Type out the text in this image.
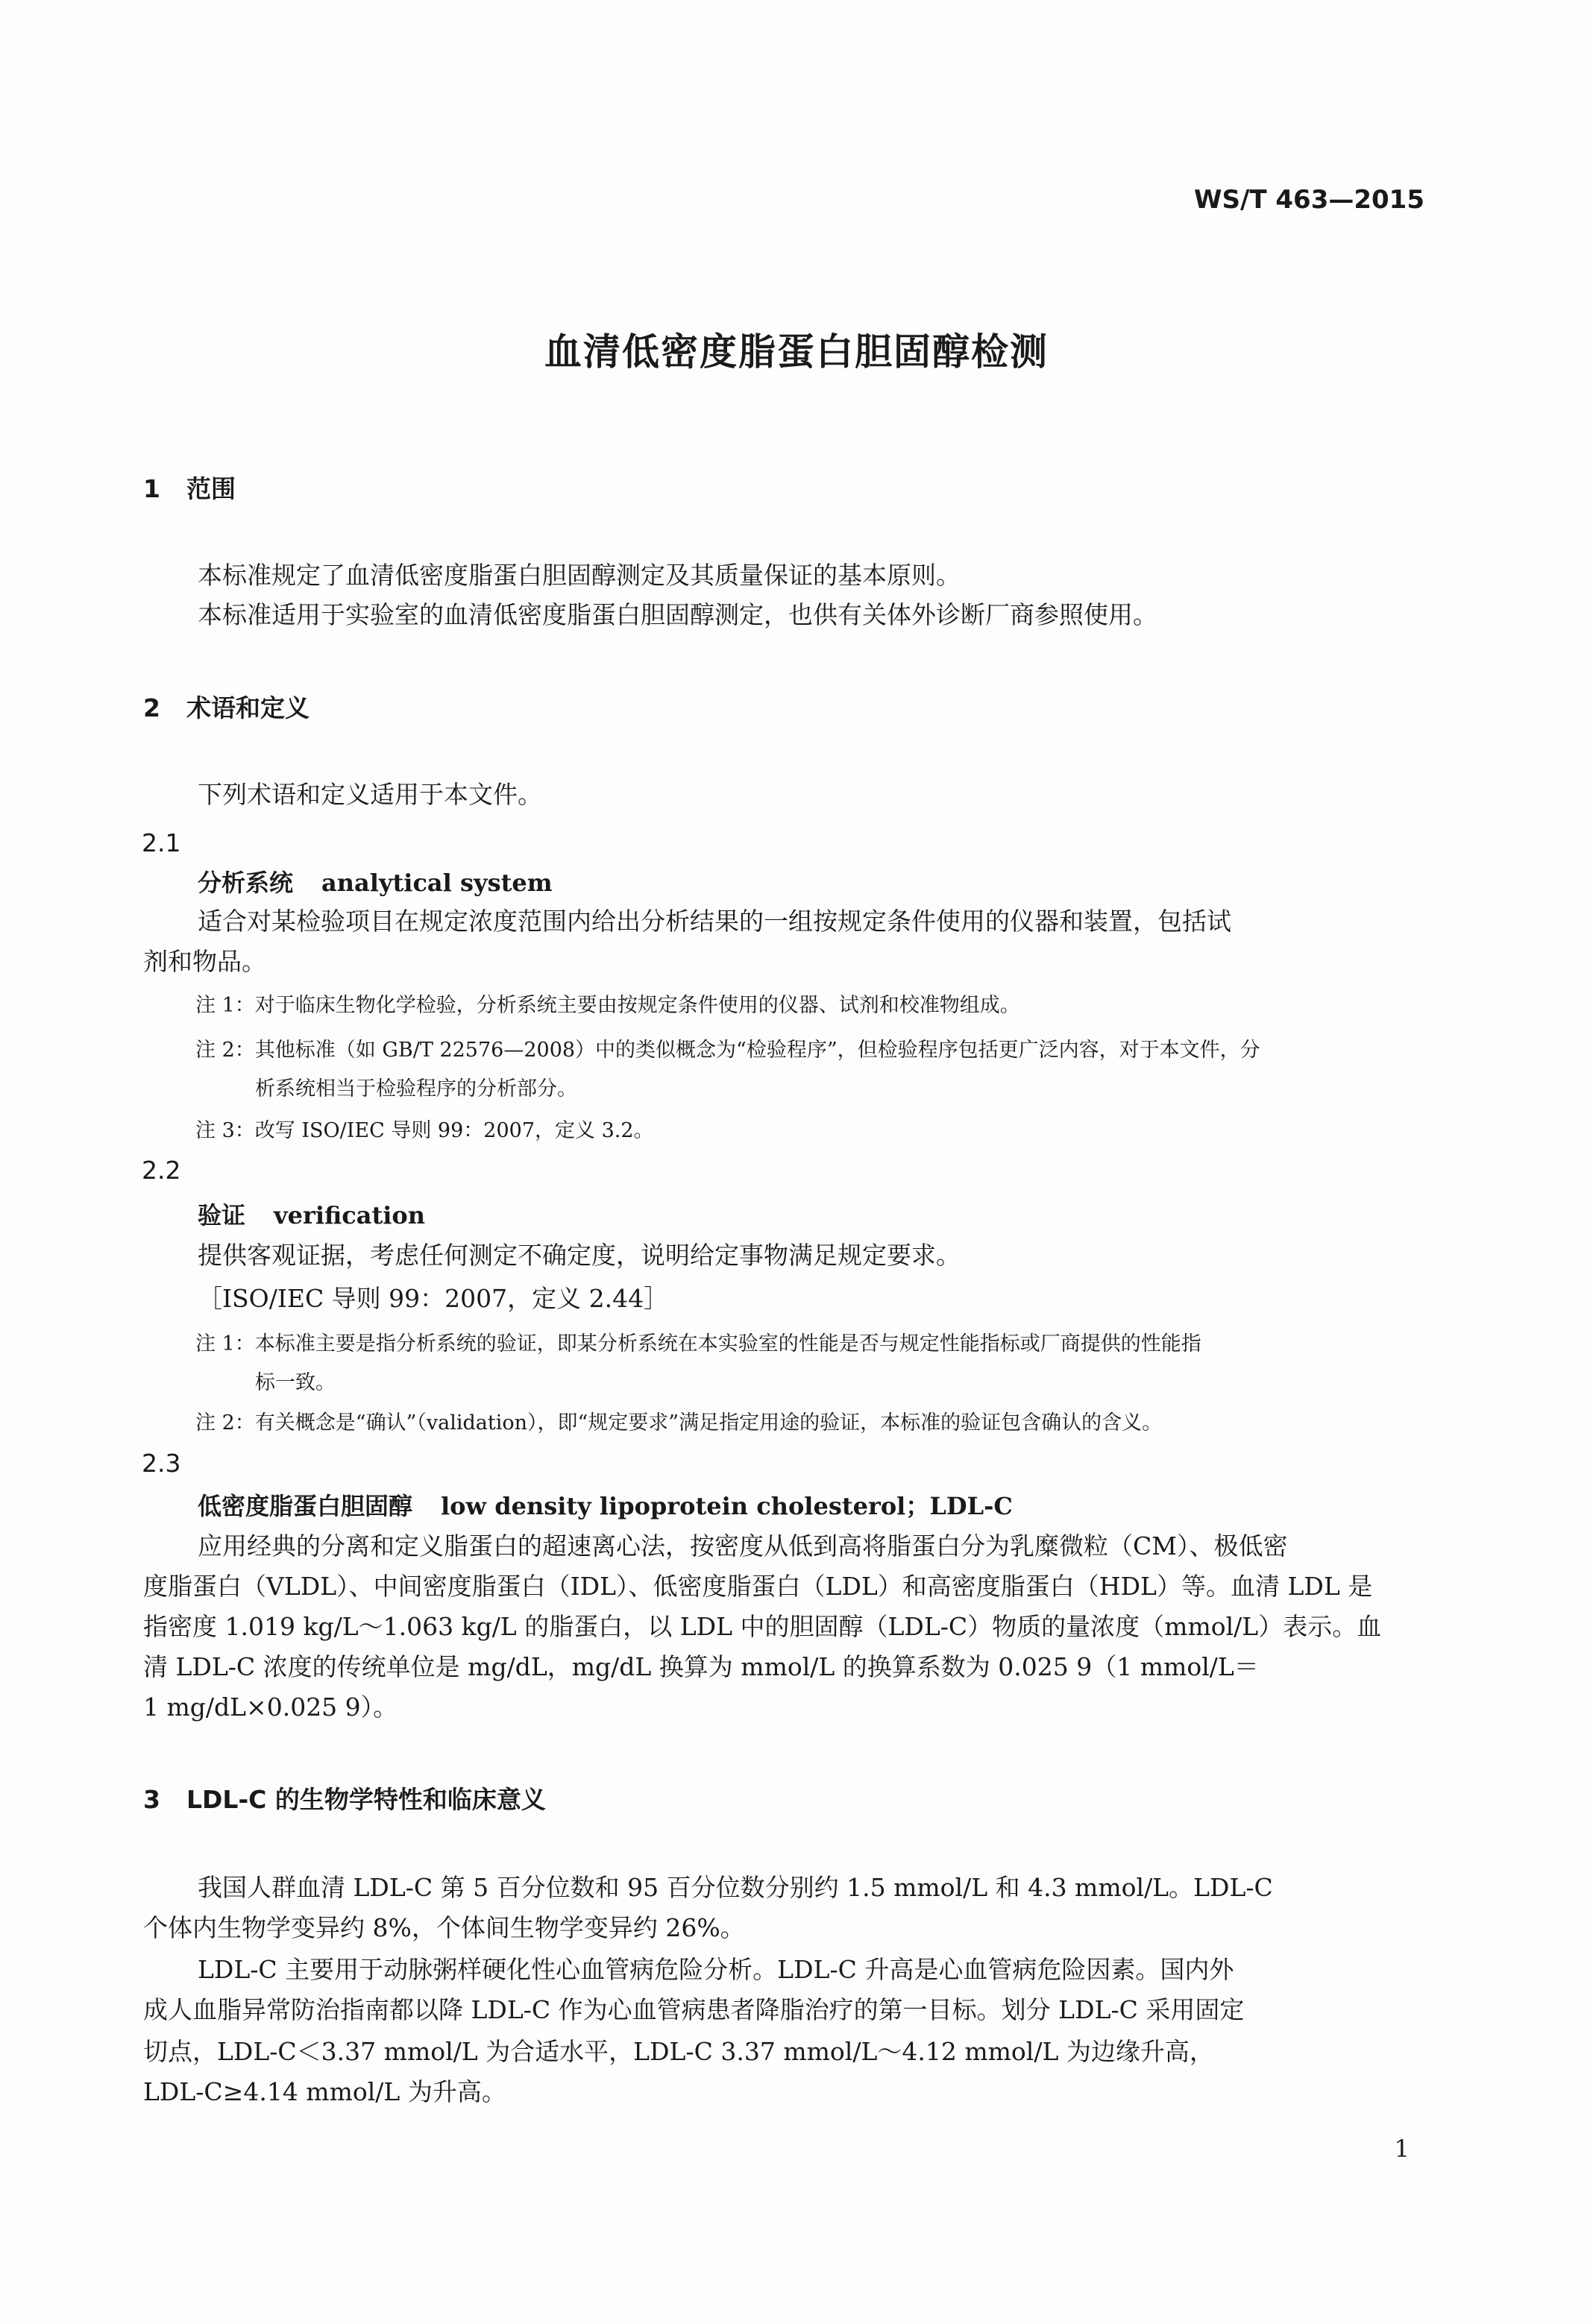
WS/T 463—2015
血清低密度脂蛋白胆固醇检测
1 范围
本标准规定了血清低密度脂蛋白胆固醇测定及其质量保证的基本原则。
本标准适用于实验室的血清低密度脂蛋白胆固醇测定，也供有关体外诊断厂商参照使用。
2 术语和定义
下列术语和定义适用于本文件。
2.1
分析系统 analytical system
适合对某检验项目在规定浓度范围内给出分析结果的一组按规定条件使用的仪器和装置，包括试
剂和物品。
注 1：对于临床生物化学检验，分析系统主要由按规定条件使用的仪器、试剂和校准物组成。
注 2：其他标准（如 GB/T 22576—2008）中的类似概念为“检验程序”，但检验程序包括更广泛内容，对于本文件，分
析系统相当于检验程序的分析部分。
注 3：改写 ISO/IEC 导则 99：2007，定义 3.2。
2.2
验证 verification
提供客观证据，考虑任何测定不确定度，说明给定事物满足规定要求。
［ISO/IEC 导则 99：2007，定义 2.44］
注 1：本标准主要是指分析系统的验证，即某分析系统在本实验室的性能是否与规定性能指标或厂商提供的性能指
标一致。
注 2：有关概念是“确认”（validation），即“规定要求”满足指定用途的验证，本标准的验证包含确认的含义。
2.3
低密度脂蛋白胆固醇 low density lipoprotein cholesterol；LDL-C
应用经典的分离和定义脂蛋白的超速离心法，按密度从低到高将脂蛋白分为乳糜微粒（CM）、极低密
度脂蛋白（VLDL）、中间密度脂蛋白（IDL）、低密度脂蛋白（LDL）和高密度脂蛋白（HDL）等。血清 LDL 是
指密度 1.019 kg/L～1.063 kg/L 的脂蛋白，以 LDL 中的胆固醇（LDL-C）物质的量浓度（mmol/L）表示。血
清 LDL-C 浓度的传统单位是 mg/dL，mg/dL 换算为 mmol/L 的换算系数为 0.025 9（1 mmol/L＝
1 mg/dL×0.025 9）。
3 LDL-C 的生物学特性和临床意义
我国人群血清 LDL-C 第 5 百分位数和 95 百分位数分别约 1.5 mmol/L 和 4.3 mmol/L。LDL-C
个体内生物学变异约 8%，个体间生物学变异约 26%。
LDL-C 主要用于动脉粥样硬化性心血管病危险分析。LDL-C 升高是心血管病危险因素。国内外
成人血脂异常防治指南都以降 LDL-C 作为心血管病患者降脂治疗的第一目标。划分 LDL-C 采用固定
切点，LDL-C＜3.37 mmol/L 为合适水平，LDL-C 3.37 mmol/L～4.12 mmol/L 为边缘升高，
LDL-C≥4.14 mmol/L 为升高。
1
